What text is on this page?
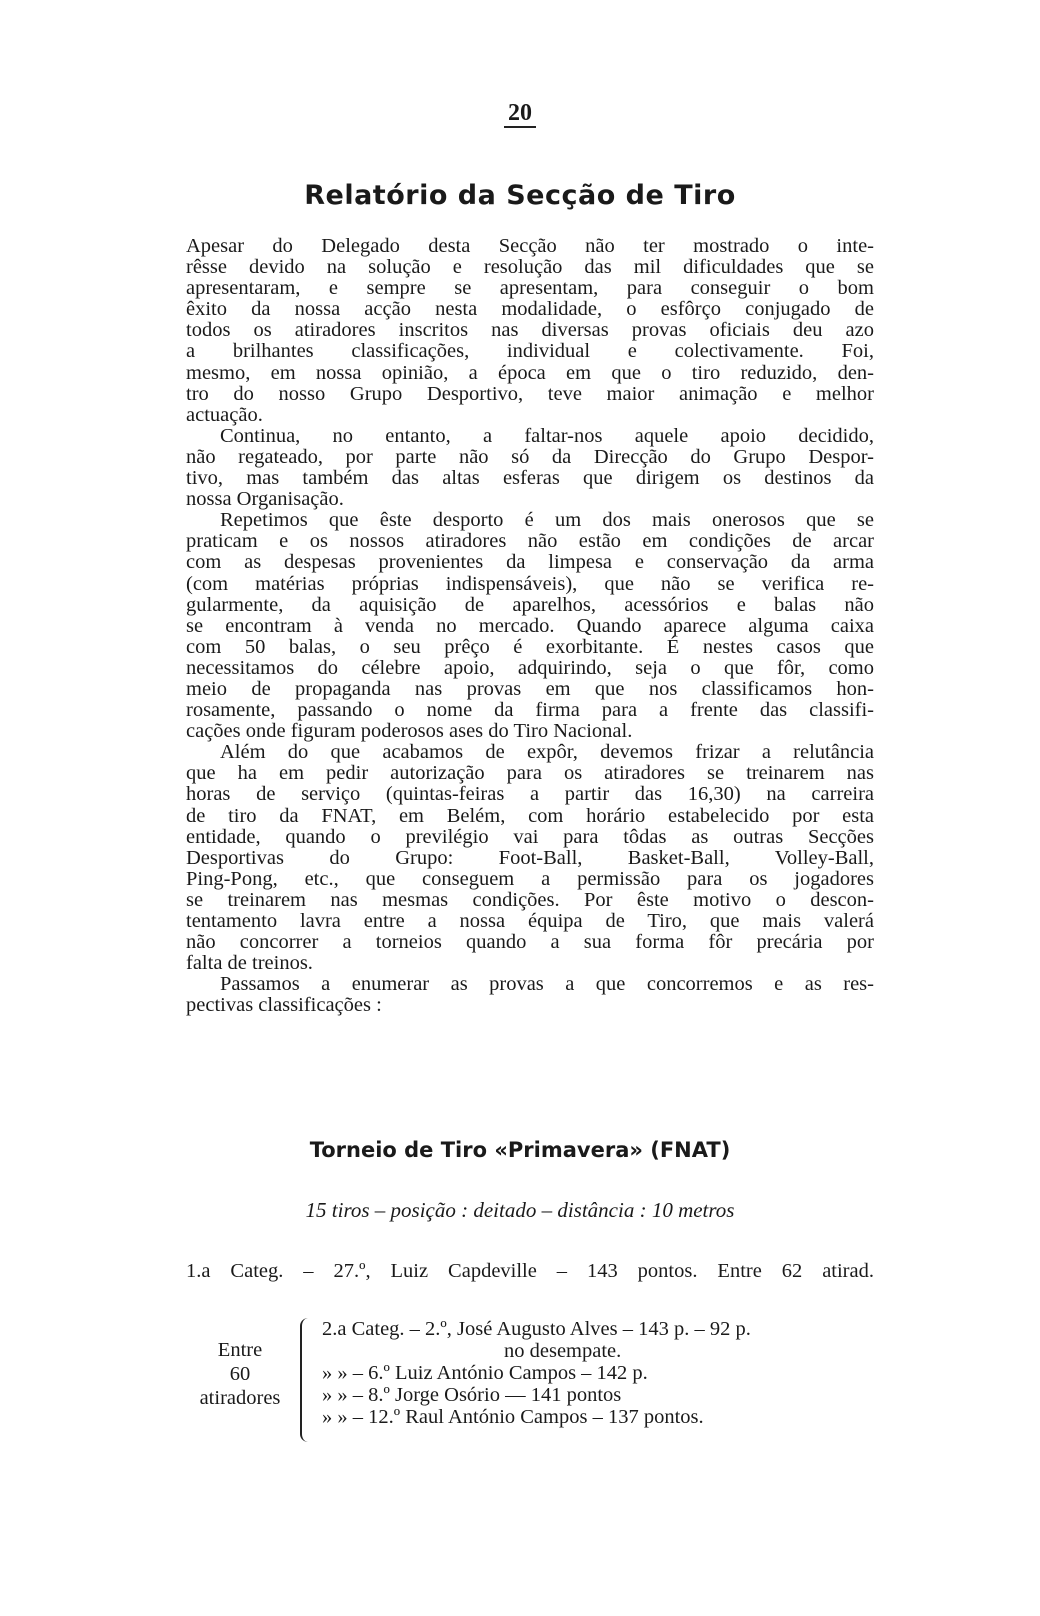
20
Relatório da Secção de Tiro
Apesar do Delegado desta Secção não ter mostrado o inte-
rêsse devido na solução e resolução das mil dificuldades que se
apresentaram, e sempre se apresentam, para conseguir o bom
êxito da nossa acção nesta modalidade, o esfôrço conjugado de
todos os atiradores inscritos nas diversas provas oficiais deu azo
a brilhantes classificações, individual e colectivamente. Foi,
mesmo, em nossa opinião, a época em que o tiro reduzido, den-
tro do nosso Grupo Desportivo, teve maior animação e melhor
actuação.
Continua, no entanto, a faltar-nos aquele apoio decidido,
não regateado, por parte não só da Direcção do Grupo Despor-
tivo, mas também das altas esferas que dirigem os destinos da
nossa Organisação.
Repetimos que êste desporto é um dos mais onerosos que se
praticam e os nossos atiradores não estão em condições de arcar
com as despesas provenientes da limpesa e conservação da arma
(com matérias próprias indispensáveis), que não se verifica re-
gularmente, da aquisição de aparelhos, acessórios e balas não
se encontram à venda no mercado. Quando aparece alguma caixa
com 50 balas, o seu prêço é exorbitante. É nestes casos que
necessitamos do célebre apoio, adquirindo, seja o que fôr, como
meio de propaganda nas provas em que nos classificamos hon-
rosamente, passando o nome da firma para a frente das classifi-
cações onde figuram poderosos ases do Tiro Nacional.
Além do que acabamos de expôr, devemos frizar a relutância
que ha em pedir autorização para os atiradores se treinarem nas
horas de serviço (quintas-feiras a partir das 16,30) na carreira
de tiro da FNAT, em Belém, com horário estabelecido por esta
entidade, quando o previlégio vai para tôdas as outras Secções
Desportivas do Grupo: Foot-Ball, Basket-Ball, Volley-Ball,
Ping-Pong, etc., que conseguem a permissão para os jogadores
se treinarem nas mesmas condições. Por êste motivo o descon-
tentamento lavra entre a nossa équipa de Tiro, que mais valerá
não concorrer a torneios quando a sua forma fôr precária por
falta de treinos.
Passamos a enumerar as provas a que concorremos e as res-
pectivas classificações :
Torneio de Tiro «Primavera» (FNAT)
15 tiros – posição : deitado – distância : 10 metros
1.a Categ. – 27.º, Luiz Capdeville – 143 pontos. Entre 62 atirad.
Entre
60
atiradores
2.a Categ. – 2.º, José Augusto Alves – 143 p. – 92 p.
no desempate.
» » – 6.º Luiz António Campos – 142 p.
» » – 8.º Jorge Osório — 141 pontos
» » – 12.º Raul António Campos – 137 pontos.
